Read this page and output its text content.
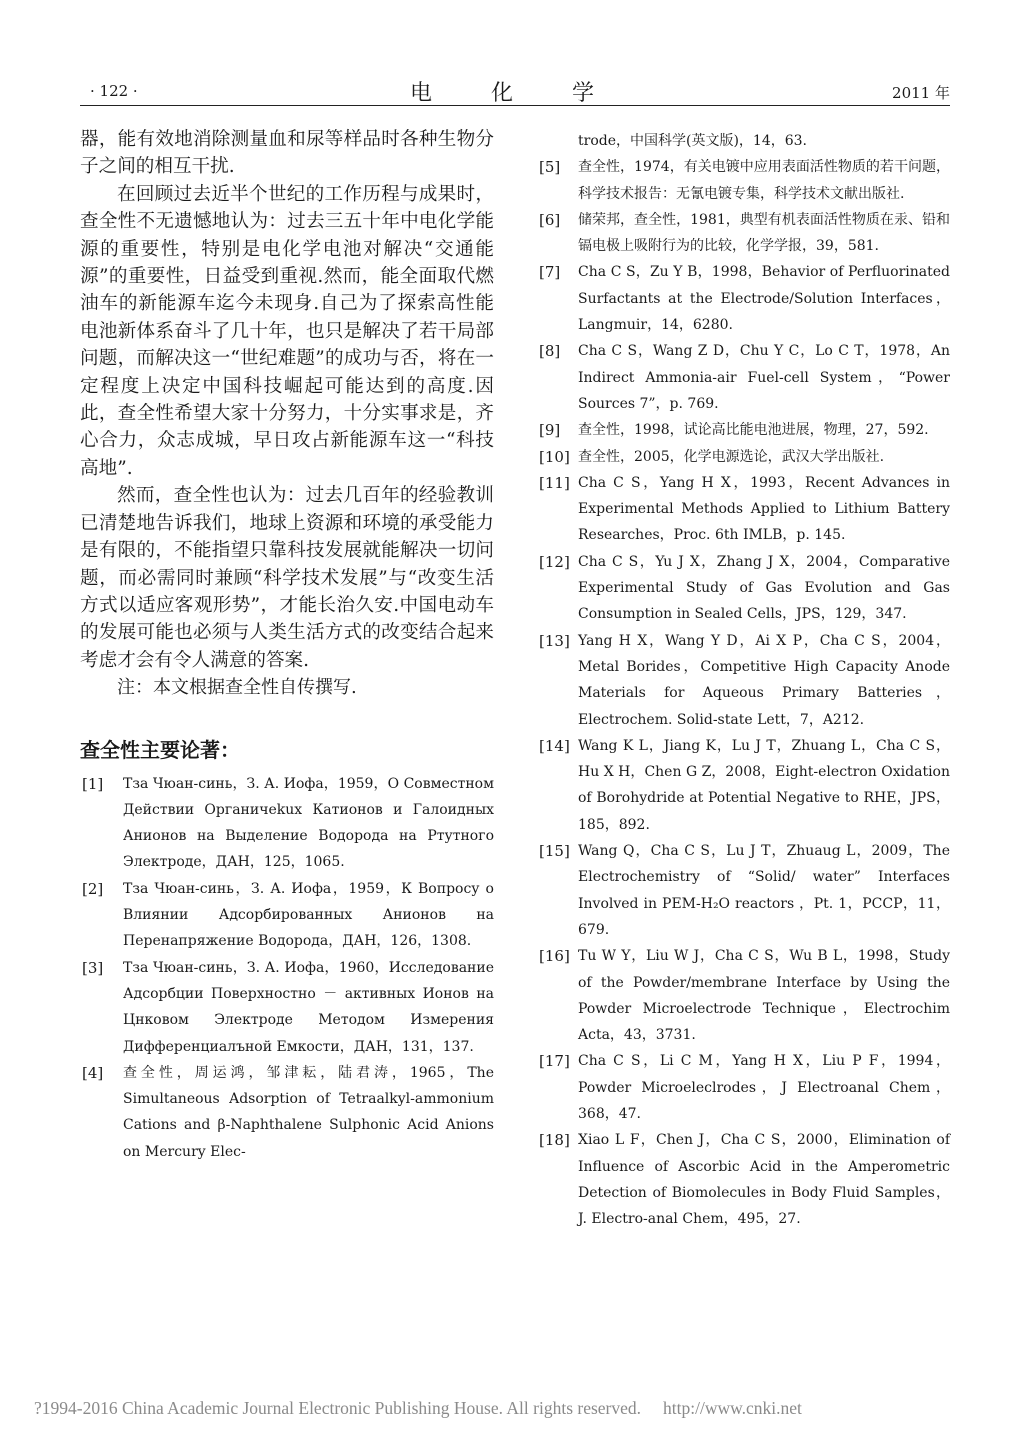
· 122 ·	电 化 学	2011 年

器，能有效地消除测量血和尿等样品时各种生物分子之间的相互干扰.

在回顾过去近半个世纪的工作历程与成果时，查全性不无遗憾地认为：过去三五十年中电化学能源的重要性，特别是电化学电池对解决“交通能源”的重要性，日益受到重视.然而，能全面取代燃油车的新能源车迄今未现身.自己为了探索高性能电池新体系奋斗了几十年，也只是解决了若干局部问题，而解决这一“世纪难题”的成功与否，将在一定程度上决定中国科技崛起可能达到的高度.因此，查全性希望大家十分努力，十分实事求是，齐心合力，众志成城，早日攻占新能源车这一“科技高地”.

然而，查全性也认为：过去几百年的经验教训已清楚地告诉我们，地球上资源和环境的承受能力是有限的，不能指望只靠科技发展就能解决一切问题，而必需同时兼顾“科学技术发展”与“改变生活方式以适应客观形势”，才能长治久安.中国电动车的发展可能也必须与人类生活方式的改变结合起来考虑才会有令人满意的答案.

注：本文根据查全性自传撰写.

查全性主要论著：
[1] Тза Чюан-синь，З. А. Иофа，1959，О Совместном Действии Органичеkux Катионов и Галоидных Анионов на Выделение Водорода на Ртутного Электроде，ДАН，125，1065.
[2] Тза Чюан-синь，З. А. Иофа，1959，К Вопросу о Влиянии Адсорбированных Анионов на Перенапряжение Водорода，ДАН，126，1308.
[3] Тза Чюан-синь，З. А. Иофа，1960，Исследование Адсорбции Поверхностно － активных Ионов на Цнковом Электроде Методом Измерения Дифференциалъной Емкости，ДАН，131，137.
[4] 查全性，周运鸿，邹津耘，陆君涛，1965，The Simultaneous Adsorption of Tetraalkyl-ammonium Cations and β-Naphthalene Sulphonic Acid Anions on Mercury Elec-
trode，中国科学(英文版)，14，63.
[5] 查全性，1974，有关电镀中应用表面活性物质的若干问题，科学技术报告：无氰电镀专集，科学技术文献出版社.
[6] 储荣邦，查全性，1981，典型有机表面活性物质在汞、铅和镉电极上吸附行为的比较，化学学报，39，581.
[7] Cha C S，Zu Y B，1998，Behavior of Perfluorinated Surfactants at the Electrode/Solution Interfaces，Langmuir，14，6280.
[8] Cha C S，Wang Z D，Chu Y C，Lo C T，1978，An Indirect Ammonia-air Fuel-cell System，“Power Sources 7”，p. 769.
[9] 查全性，1998，试论高比能电池进展，物理，27，592.
[10] 查全性，2005，化学电源选论，武汉大学出版社.
[11] Cha C S，Yang H X，1993，Recent Advances in Experimental Methods Applied to Lithium Battery Researches，Proc. 6th IMLB，p. 145.
[12] Cha C S，Yu J X，Zhang J X，2004，Comparative Experimental Study of Gas Evolution and Gas Consumption in Sealed Cells，JPS，129，347.
[13] Yang H X，Wang Y D，Ai X P，Cha C S，2004，Metal Borides，Competitive High Capacity Anode Materials for Aqueous Primary Batteries，Electrochem. Solid-state Lett，7，A212.
[14] Wang K L，Jiang K，Lu J T，Zhuang L，Cha C S，Hu X H，Chen G Z，2008，Eight-electron Oxidation of Borohydride at Potential Negative to RHE，JPS，185，892.
[15] Wang Q，Cha C S，Lu J T，Zhuaug L，2009，The Electrochemistry of “Solid/ water” Interfaces Involved in PEM-H₂O reactors ，Pt. 1，PCCP，11，679.
[16] Tu W Y，Liu W J，Cha C S，Wu B L，1998，Study of the Powder/membrane Interface by Using the Powder Microelectrode Technique，Electrochim Acta，43，3731.
[17] Cha C S，Li C M，Yang H X，Liu P F，1994，Powder Microeleclrodes，J Electroanal Chem，368，47.
[18] Xiao L F，Chen J，Cha C S，2000，Elimination of Influence of Ascorbic Acid in the Amperometric Detection of Biomolecules in Body Fluid Samples，J. Electro-anal Chem，495，27.
?1994-2016 China Academic Journal Electronic Publishing House. All rights reserved. http://www.cnki.net
